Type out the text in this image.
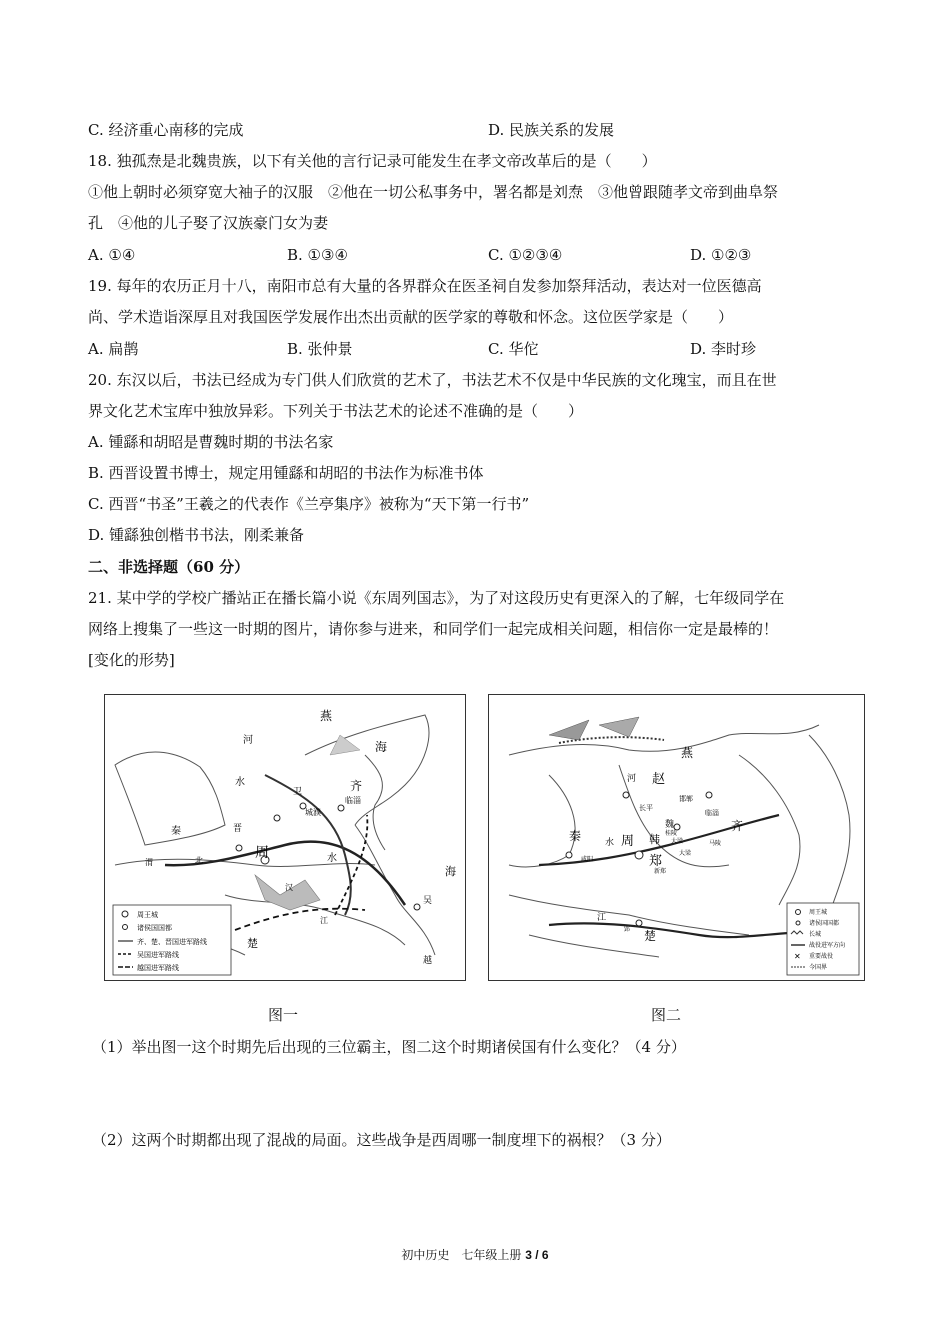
C. 经济重心南移的完成	D. 民族关系的发展
18. 独孤焘是北魏贵族，以下有关他的言行记录可能发生在孝文帝改革后的是（　　）
①他上朝时必须穿宽大袖子的汉服　②他在一切公私事务中，署名都是刘焘　③他曾跟随孝文帝到曲阜祭
孔　④他的儿子娶了汉族豪门女为妻
A. ①④	B. ①③④	C. ①②③④	D. ①②③
19. 每年的农历正月十八，南阳市总有大量的各界群众在医圣祠自发参加祭拜活动，表达对一位医德高
尚、学术造诣深厚且对我国医学发展作出杰出贡献的医学家的尊敬和怀念。这位医学家是（　　）
A. 扁鹊	B. 张仲景	C. 华佗	D. 李时珍
20. 东汉以后，书法已经成为专门供人们欣赏的艺术了，书法艺术不仅是中华民族的文化瑰宝，而且在世
界文化艺术宝库中独放异彩。下列关于书法艺术的论述不准确的是（　　）
A. 锺繇和胡昭是曹魏时期的书法名家
B. 西晋设置书博士，规定用锺繇和胡昭的书法作为标准书体
C. 西晋“书圣”王羲之的代表作《兰亭集序》被称为“天下第一行书”
D. 锺繇独创楷书书法，刚柔兼备
二、非选择题（60 分）
21. 某中学的学校广播站正在播长篇小说《东周列国志》，为了对这段历史有更深入的了解，七年级同学在
网络上搜集了一些这一时期的图片，请你参与进来，和同学们一起完成相关问题，相信你一定是最棒的！
[变化的形势]
燕
河
水
海
齐
临淄
卫
城濮
晋
秦
周
渭	北	水
海
吴
越
楚
江
汉
周王城
诸侯国国都
齐、楚、晋国进军路线
吴国进军路线
越国进军路线
燕
赵
邯郸
齐
临淄
秦	周 韩
魏
郑
楚
江
水
河
长平
桂陵
马陵
咸阳
大梁
郢
大梁
新郑
周王城
诸侯国国都
长城
战役进军方向
✕ 重要战役
今国界
图一	图二
（1）举出图一这个时期先后出现的三位霸主，图二这个时期诸侯国有什么变化？（4 分）
（2）这两个时期都出现了混战的局面。这些战争是西周哪一制度埋下的祸根？（3 分）
初中历史　七年级上册 3 / 6
